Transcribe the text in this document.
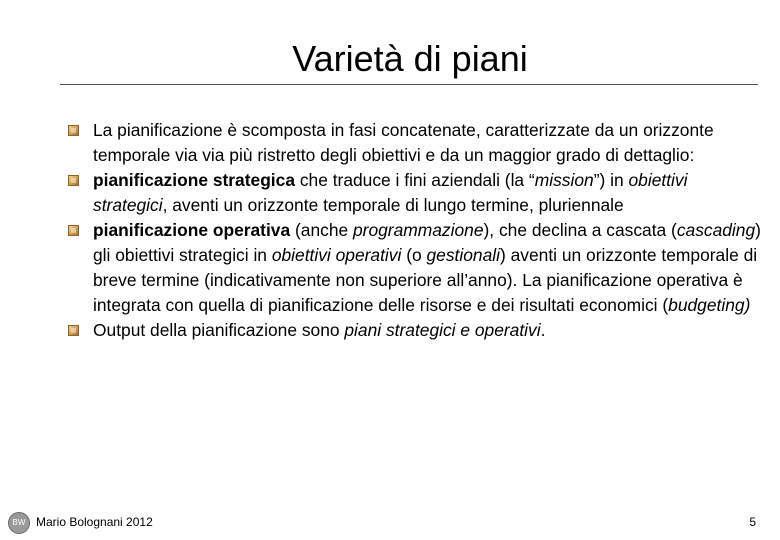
Varietà di piani
La pianificazione è scomposta in fasi concatenate, caratterizzate da un orizzonte temporale via via più ristretto degli obiettivi e da un maggior grado di dettaglio:
pianificazione strategica che traduce i fini aziendali (la “mission”) in obiettivi strategici, aventi un orizzonte temporale di lungo termine, pluriennale
pianificazione operativa (anche programmazione), che declina a cascata (cascading) gli obiettivi strategici in obiettivi operativi (o gestionali) aventi un orizzonte temporale di breve termine (indicativamente non superiore all’anno). La pianificazione operativa è integrata con quella di pianificazione delle risorse e dei risultati economici (budgeting)
Output della pianificazione sono piani strategici e operativi.
BW Mario Bolognani 2012	5
